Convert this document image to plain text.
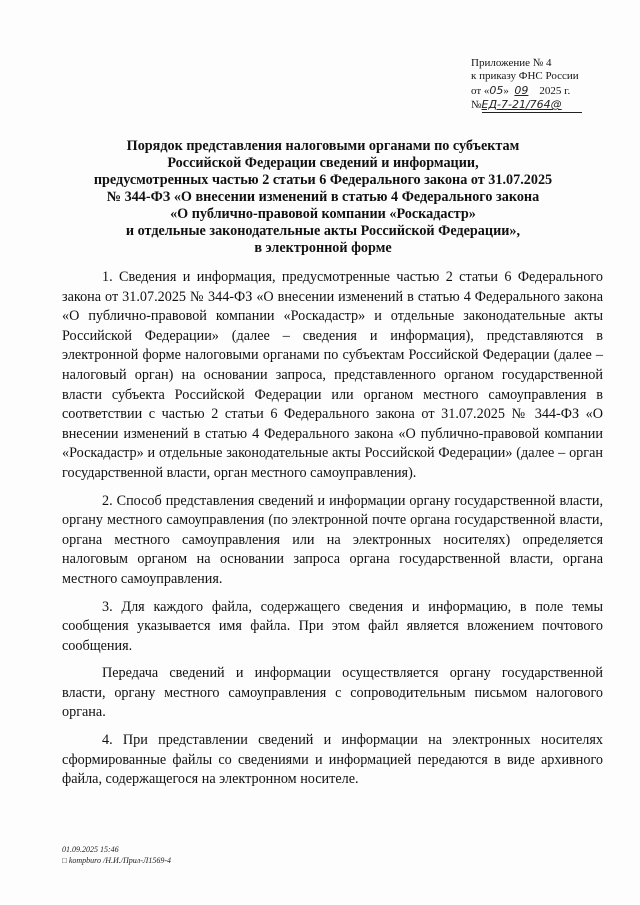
Приложение № 4
к приказу ФНС России
от «05» 09 2025 г.
№ЕД-7-21/764@
Порядок представления налоговыми органами по субъектам
Российской Федерации сведений и информации,
предусмотренных частью 2 статьи 6 Федерального закона от 31.07.2025
№ 344-ФЗ «О внесении изменений в статью 4 Федерального закона
«О публично-правовой компании «Роскадастр»
и отдельные законодательные акты Российской Федерации»,
в электронной форме

1. Сведения и информация, предусмотренные частью 2 статьи 6 Федерального закона от 31.07.2025 № 344-ФЗ «О внесении изменений в статью 4 Федерального закона «О публично-правовой компании «Роскадастр» и отдельные законодательные акты Российской Федерации» (далее – сведения и информация), представляются в электронной форме налоговыми органами по субъектам Российской Федерации (далее – налоговый орган) на основании запроса, представленного органом государственной власти субъекта Российской Федерации или органом местного самоуправления в соответствии с частью 2 статьи 6 Федерального закона от 31.07.2025 № 344-ФЗ «О внесении изменений в статью 4 Федерального закона «О публично-правовой компании «Роскадастр» и отдельные законодательные акты Российской Федерации» (далее – орган государственной власти, орган местного самоуправления).

2. Способ представления сведений и информации органу государственной власти, органу местного самоуправления (по электронной почте органа государственной власти, органа местного самоуправления или на электронных носителях) определяется налоговым органом на основании запроса органа государственной власти, органа местного самоуправления.

3. Для каждого файла, содержащего сведения и информацию, в поле темы сообщения указывается имя файла. При этом файл является вложением почтового сообщения.

Передача сведений и информации осуществляется органу государственной власти, органу местного самоуправления с сопроводительным письмом налогового органа.

4. При представлении сведений и информации на электронных носителях сформированные файлы со сведениями и информацией передаются в виде архивного файла, содержащегося на электронном носителе.

01.09.2025 15:46
□ kompburo /Н.И./Прил-Л1569-4
